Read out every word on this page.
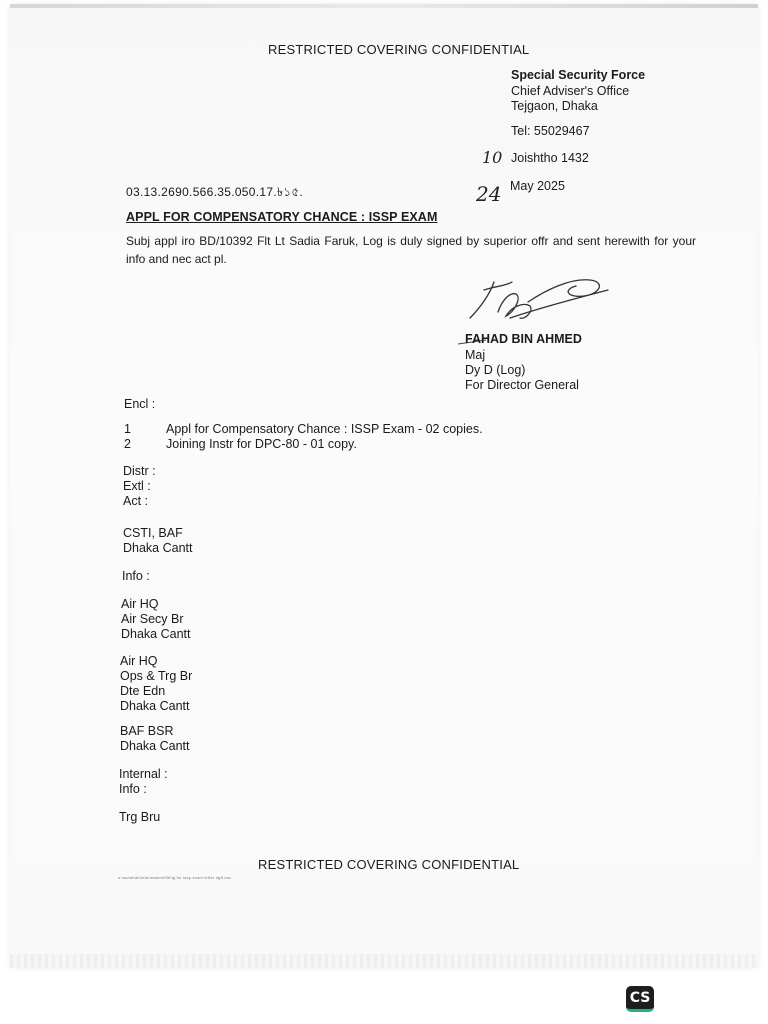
RESTRICTED COVERING CONFIDENTIAL
Special Security Force
Chief Adviser's Office
Tejgaon, Dhaka
Tel: 55029467
10 Joishtho 1432
24 May 2025
03.13.2690.566.35.050.17.৳১৫.
APPL FOR COMPENSATORY CHANCE : ISSP EXAM
Subj appl iro BD/10392 Flt Lt Sadia Faruk, Log is duly signed by superior offr and sent herewith for your info and nec act pl.
FAHAD BIN AHMED
Maj
Dy D (Log)
For Director General
Encl :
1	Appl for Compensatory Chance : ISSP Exam - 02 copies.
2	Joining Instr for DPC-80 - 01 copy.
Distr :
Extl :
Act :
CSTI, BAF
Dhaka Cantt
Info :
Air HQ
Air Secy Br
Dhaka Cantt
Air HQ
Ops & Trg Br
Dte Edn
Dhaka Cantt
BAF BSR
Dhaka Cantt
Internal :
Info :
Trg Bru
RESTRICTED COVERING CONFIDENTIAL
s:\some\dir\information\file\Ig for issp exam letter dgfi.doc
CS
